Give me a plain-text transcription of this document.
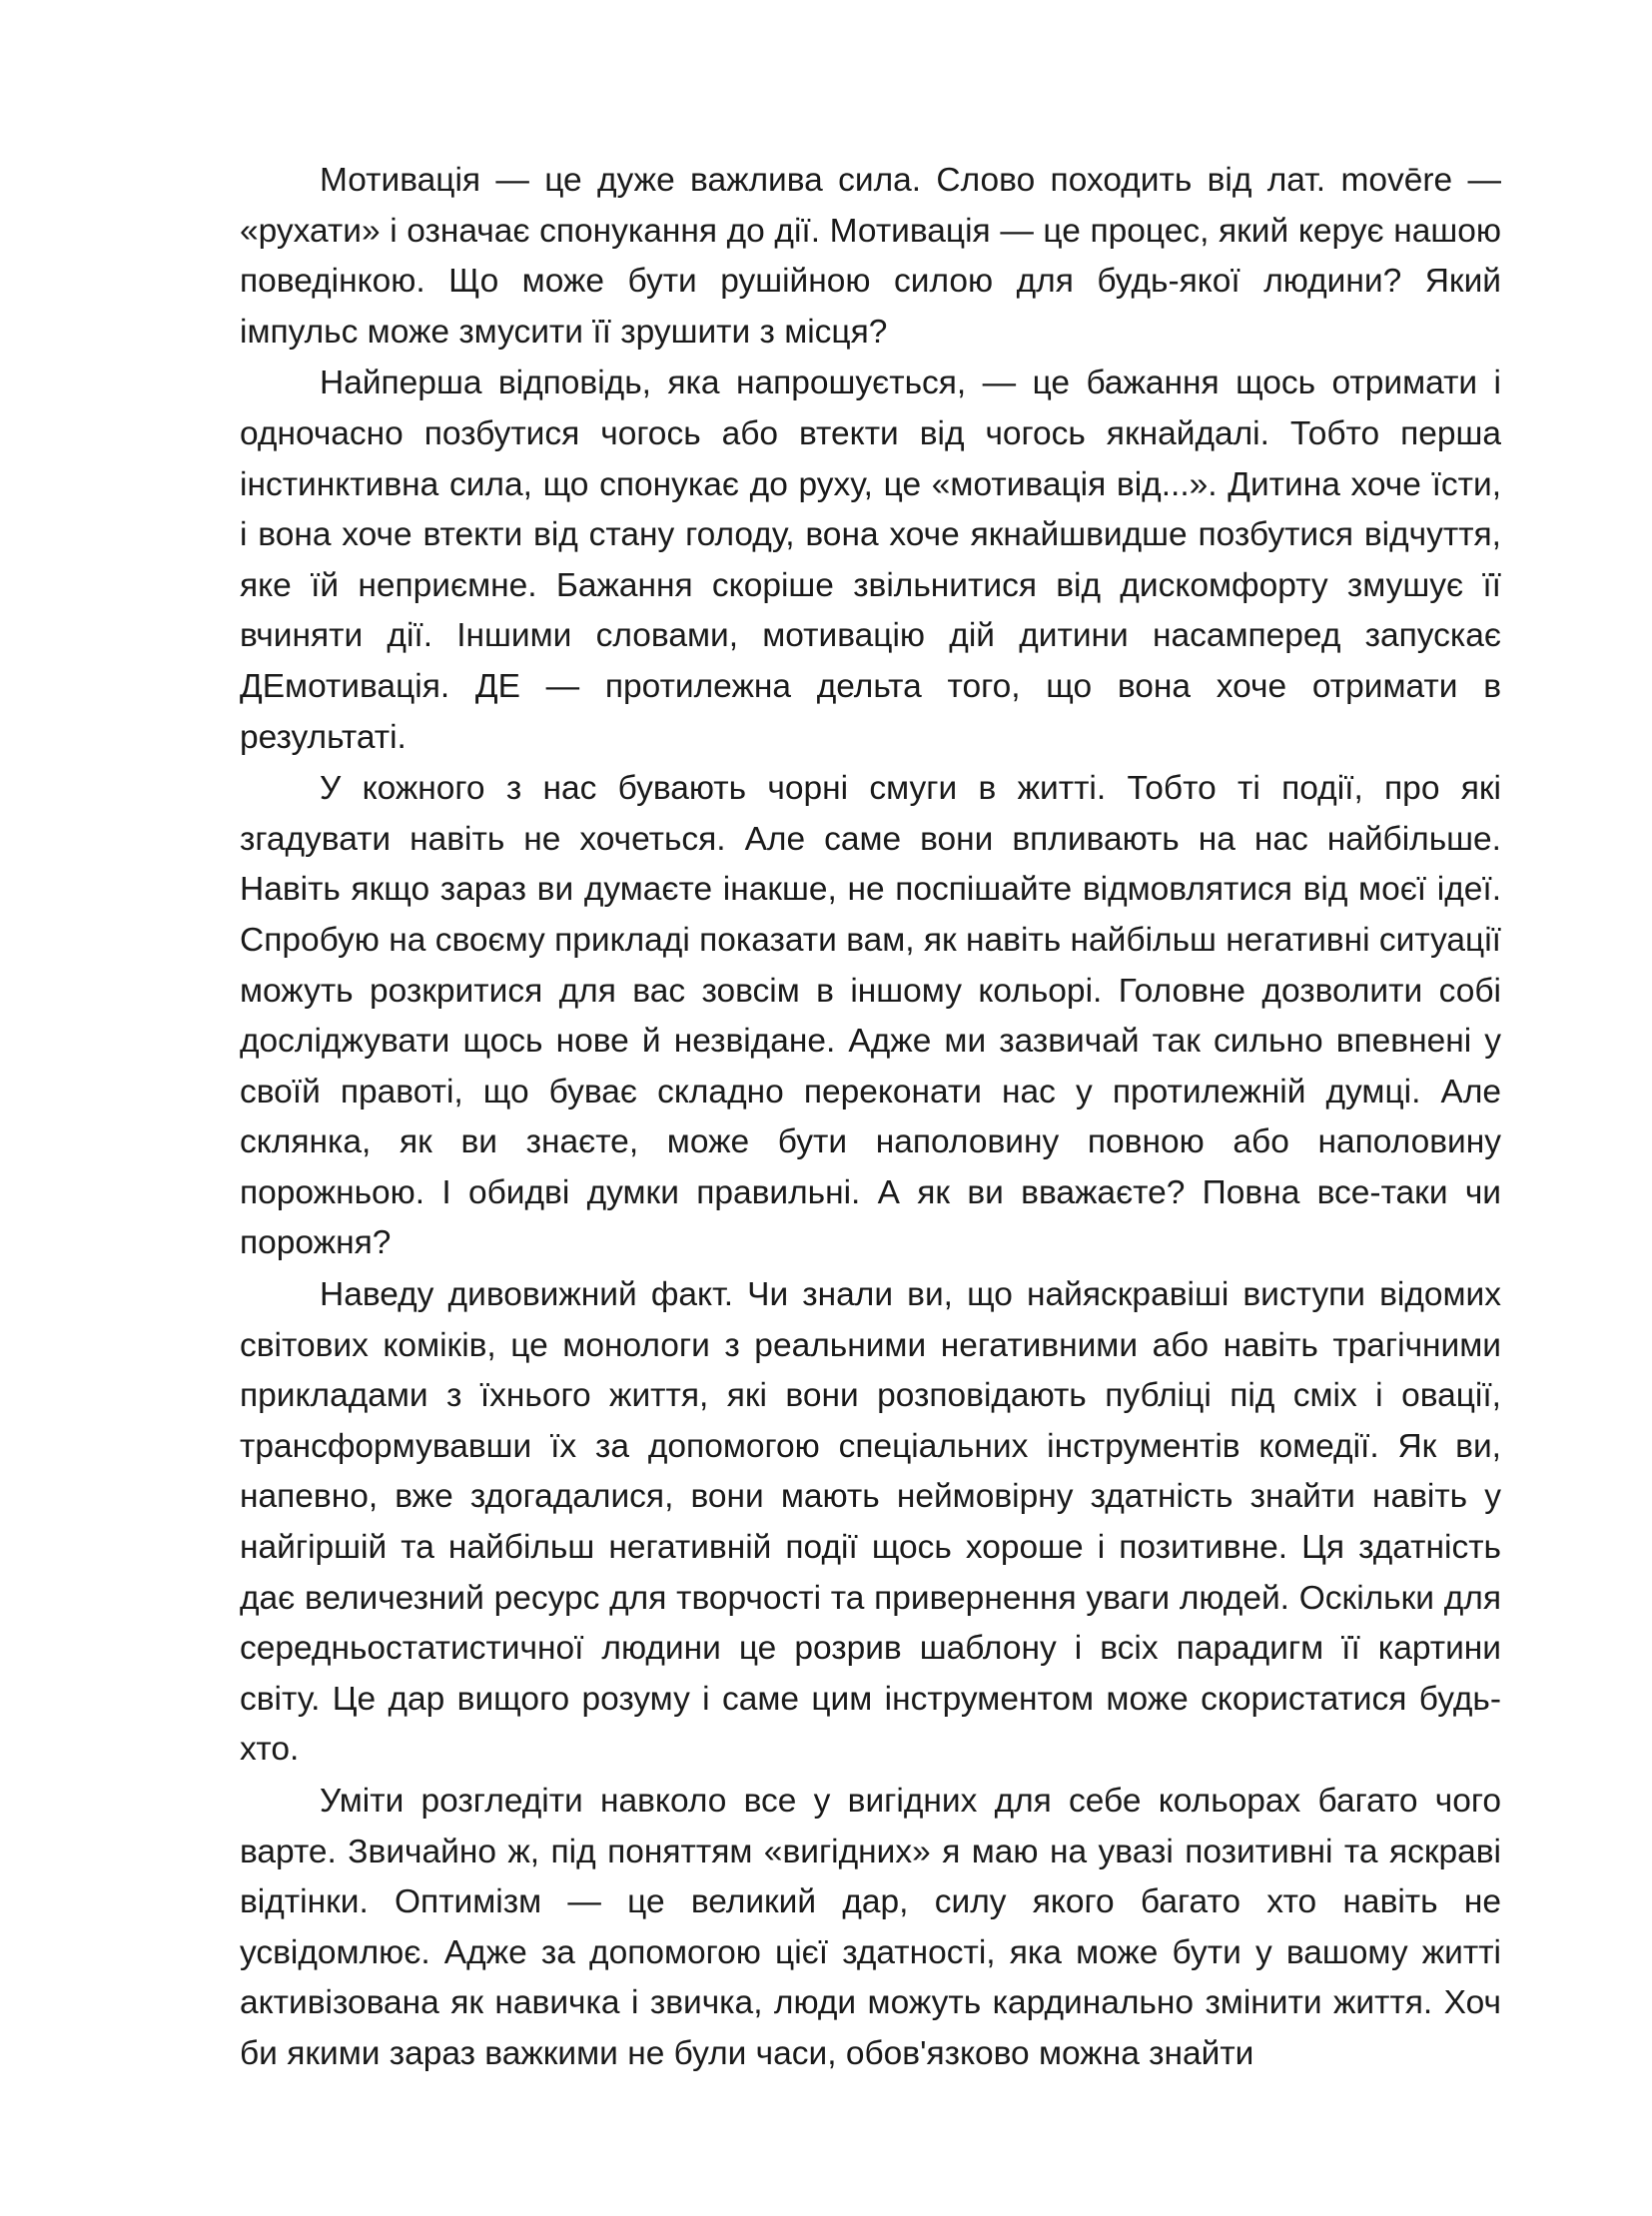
Мотивація — це дуже важлива сила. Слово походить від лат. movēre — «рухати» і означає спонукання до дії. Мотивація — це процес, який керує нашою поведінкою. Що може бути рушійною силою для будь-якої людини? Який імпульс може змусити її зрушити з місця?

Найперша відповідь, яка напрошується, — це бажання щось отримати і одночасно позбутися чогось або втекти від чогось якнайдалі. Тобто перша інстинктивна сила, що спонукає до руху, це «мотивація від...». Дитина хоче їсти, і вона хоче втекти від стану голоду, вона хоче якнайшвидше позбутися відчуття, яке їй неприємне. Бажання скоріше звільнитися від дискомфорту змушує її вчиняти дії. Іншими словами, мотивацію дій дитини насамперед запускає ДЕмотивація. ДЕ — протилежна дельта того, що вона хоче отримати в результаті.

У кожного з нас бувають чорні смуги в житті. Тобто ті події, про які згадувати навіть не хочеться. Але саме вони впливають на нас найбільше. Навіть якщо зараз ви думаєте інакше, не поспішайте відмовлятися від моєї ідеї. Спробую на своєму прикладі показати вам, як навіть найбільш негативні ситуації можуть розкритися для вас зовсім в іншому кольорі. Головне дозволити собі досліджувати щось нове й незвідане. Адже ми зазвичай так сильно впевнені у своїй правоті, що буває складно переконати нас у протилежній думці. Але склянка, як ви знаєте, може бути наполовину повною або наполовину порожньою. І обидві думки правильні. А як ви вважаєте? Повна все-таки чи порожня?

Наведу дивовижний факт. Чи знали ви, що найяскравіші виступи відомих світових коміків, це монологи з реальними негативними або навіть трагічними прикладами з їхнього життя, які вони розповідають публіці під сміх і овації, трансформувавши їх за допомогою спеціальних інструментів комедії. Як ви, напевно, вже здогадалися, вони мають неймовірну здатність знайти навіть у найгіршій та найбільш негативній події щось хороше і позитивне. Ця здатність дає величезний ресурс для творчості та привернення уваги людей. Оскільки для середньостатистичної людини це розрив шаблону і всіх парадигм її картини світу. Це дар вищого розуму і саме цим інструментом може скористатися будь- хто.

Уміти розгледіти навколо все у вигідних для себе кольорах багато чого варте. Звичайно ж, під поняттям «вигідних» я маю на увазі позитивні та яскраві відтінки. Оптимізм — це великий дар, силу якого багато хто навіть не усвідомлює. Адже за допомогою цієї здатності, яка може бути у вашому житті активізована як навичка і звичка, люди можуть кардинально змінити життя. Хоч би якими зараз важкими не були часи, обов'язково можна знайти
